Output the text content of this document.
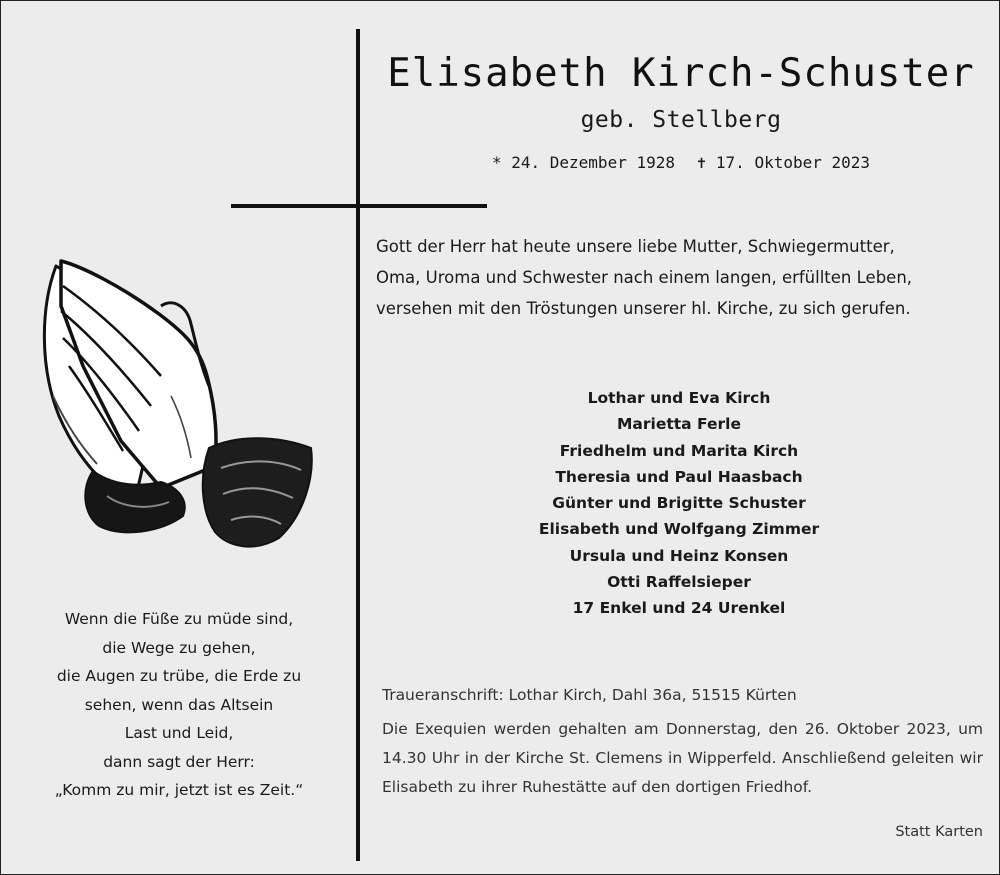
Elisabeth Kirch-Schuster
geb. Stellberg
* 24. Dezember 1928 ✝ 17. Oktober 2023
Gott der Herr hat heute unsere liebe Mutter, Schwiegermutter,
Oma, Uroma und Schwester nach einem langen, erfüllten Leben,
versehen mit den Tröstungen unserer hl. Kirche, zu sich gerufen.
Lothar und Eva Kirch
Marietta Ferle
Friedhelm und Marita Kirch
Theresia und Paul Haasbach
Günter und Brigitte Schuster
Elisabeth und Wolfgang Zimmer
Ursula und Heinz Konsen
Otti Raffelsieper
17 Enkel und 24 Urenkel
Traueranschrift: Lothar Kirch, Dahl 36a, 51515 Kürten
Die Exequien werden gehalten am Donnerstag, den 26. Oktober 2023, um 14.30 Uhr in der Kirche St. Clemens in Wipperfeld. Anschließend geleiten wir Elisabeth zu ihrer Ruhestätte auf den dortigen Friedhof.
Statt Karten
Wenn die Füße zu müde sind,
die Wege zu gehen,
die Augen zu trübe, die Erde zu
sehen, wenn das Altsein
Last und Leid,
dann sagt der Herr:
„Komm zu mir, jetzt ist es Zeit.“
